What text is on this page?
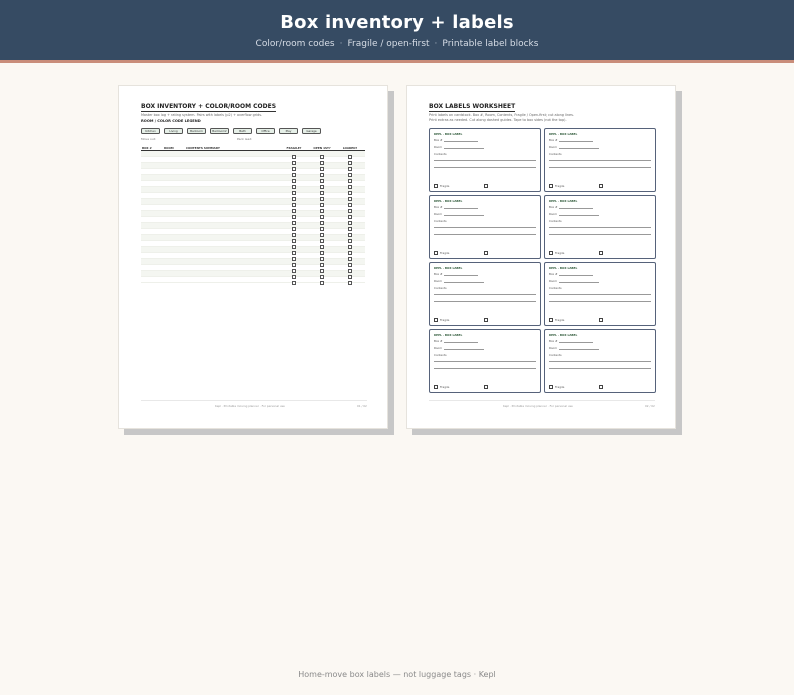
Box inventory + labels
Color/room codes · Fragile / open-first · Printable label blocks
BOX INVENTORY + COLOR/ROOM CODES
Master box log + rating system. Pairs with labels (p2) + overflow grids.
ROOM / COLOR CODE LEGEND
Kitchen	Living	Bedroom	Bedroom2	Bath	Office	Play	Garage
Move out:	Pack lead:
BOX #	ROOM	CONTENTS SUMMARY	FRAGILE?	OPEN 1ST?	LOADED?
Kepl · Printable moving planner · For personal use	01 / 02
BOX LABELS WORKSHEET
Print labels on cardstock. Box #, Room, Contents, Fragile / Open-first; cut along lines.
Print extras as needed. Cut along dashed guides. Tape to box sides (not the top).
KEPL · BOX LABEL
Box #
Room
Contents
Fragile
KEPL · BOX LABEL
Box #
Room
Contents
Fragile
KEPL · BOX LABEL
Box #
Room
Contents
Fragile
KEPL · BOX LABEL
Box #
Room
Contents
Fragile
KEPL · BOX LABEL
Box #
Room
Contents
Fragile
KEPL · BOX LABEL
Box #
Room
Contents
Fragile
KEPL · BOX LABEL
Box #
Room
Contents
Fragile
KEPL · BOX LABEL
Box #
Room
Contents
Fragile
Kepl · Printable moving planner · For personal use	02 / 02
Home-move box labels — not luggage tags · Kepl
